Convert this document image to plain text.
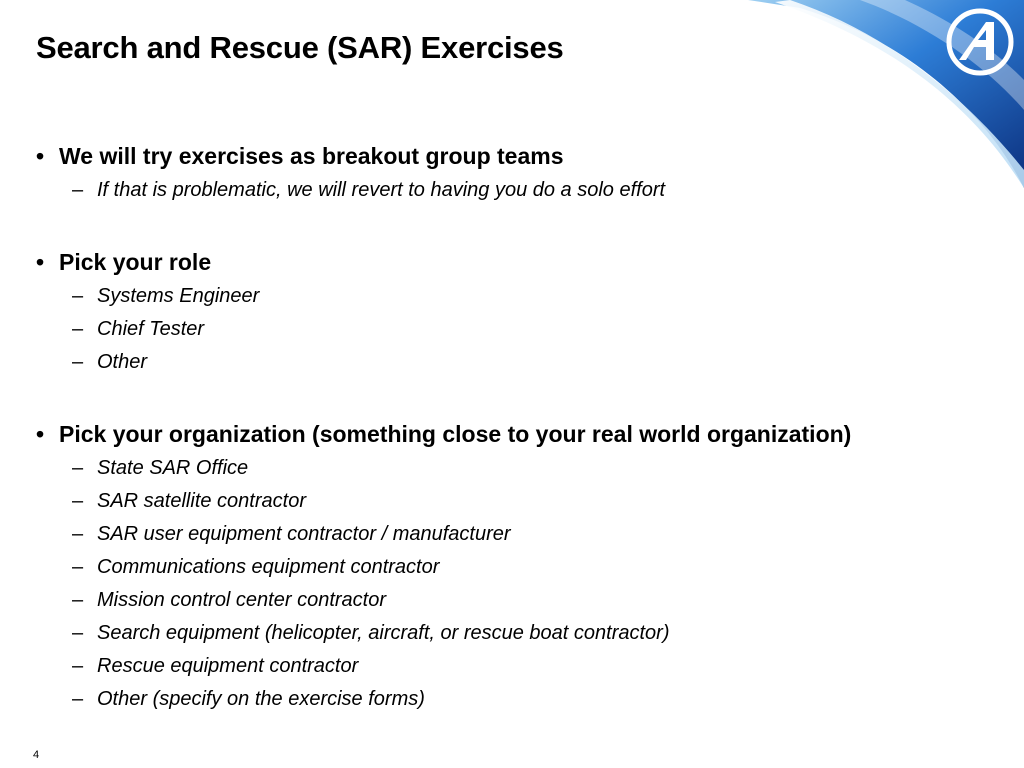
Search and Rescue (SAR) Exercises
• We will try exercises as breakout group teams
– If that is problematic, we will revert to having you do a solo effort
• Pick your role
– Systems Engineer
– Chief Tester
– Other
• Pick your organization (something close to your real world organization)
– State SAR Office
– SAR satellite contractor
– SAR user equipment contractor / manufacturer
– Communications equipment contractor
– Mission control center contractor
– Search equipment (helicopter, aircraft, or rescue boat contractor)
– Rescue equipment contractor
– Other (specify on the exercise forms)
4
